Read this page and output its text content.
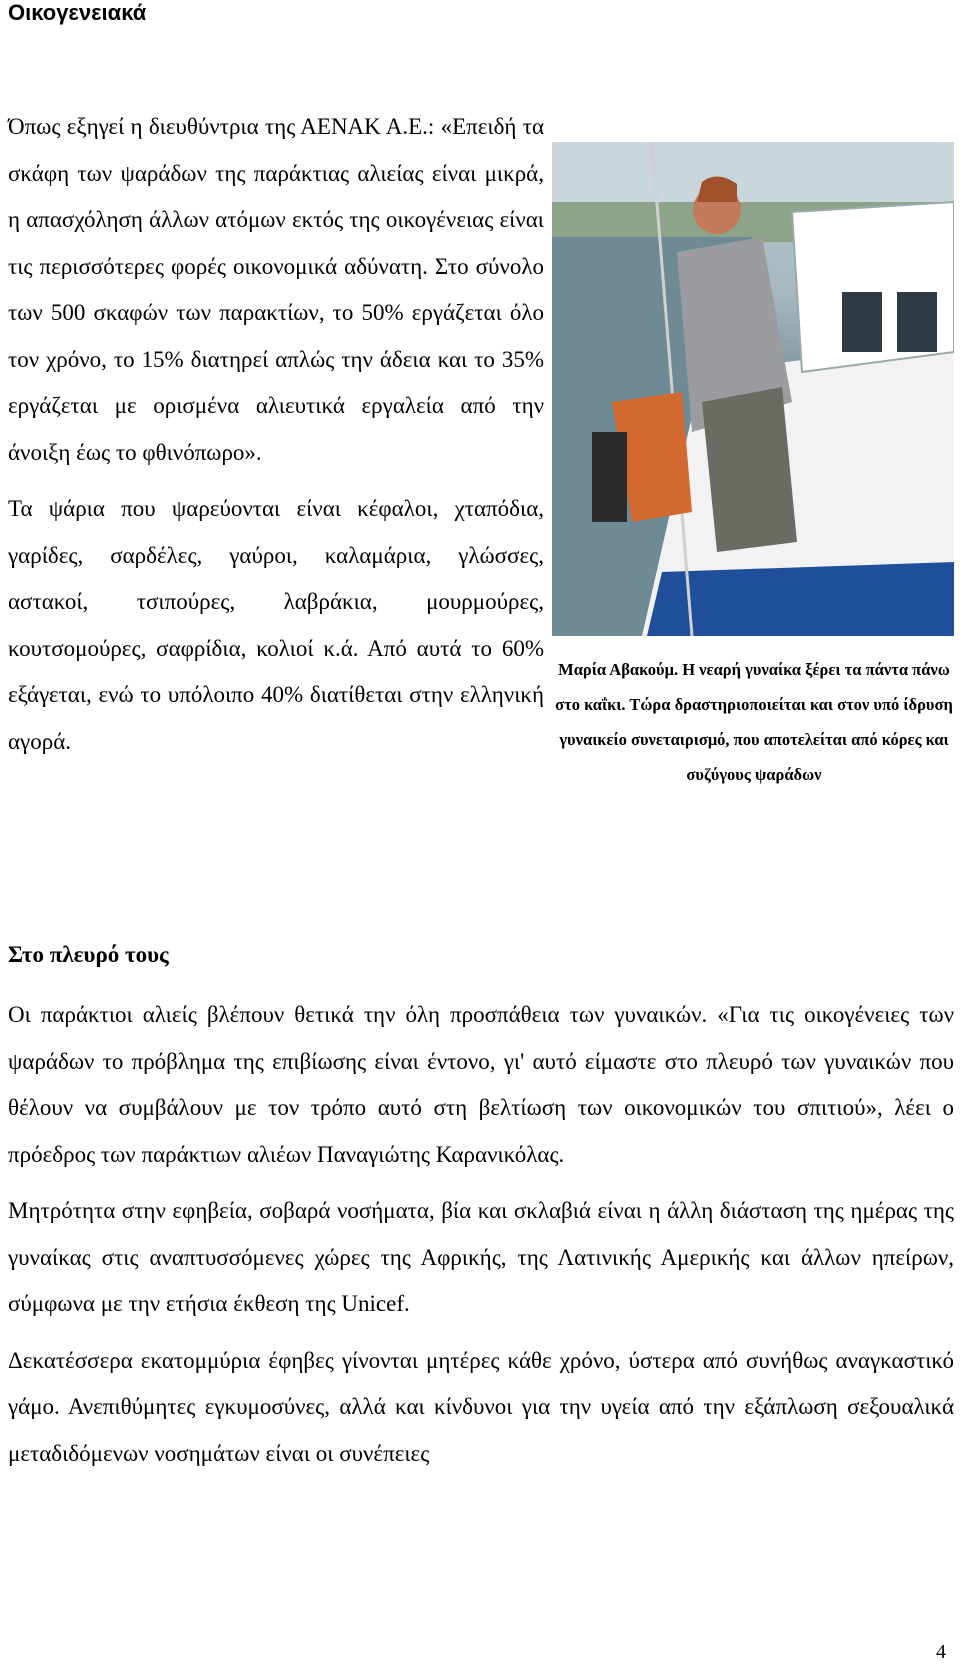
Οικογενειακά

Όπως εξηγεί η διευθύντρια της ΑΕΝΑΚ Α.Ε.: «Επειδή τα σκάφη των ψαράδων της παράκτιας αλιείας είναι μικρά, η απασχόληση άλλων ατόμων εκτός της οικογένειας είναι τις περισσότερες φορές οικονομικά αδύνατη. Στο σύνολο των 500 σκαφών των παρακτίων, το 50% εργάζεται όλο τον χρόνο, το 15% διατηρεί απλώς την άδεια και το 35% εργάζεται με ορισμένα αλιευτικά εργαλεία από την άνοιξη έως το φθινόπωρο».

Τα ψάρια που ψαρεύονται είναι κέφαλοι, χταπόδια, γαρίδες, σαρδέλες, γαύροι, καλαμάρια, γλώσσες, αστακοί, τσιπούρες, λαβράκια, μουρμούρες, κουτσομούρες, σαφρίδια, κολιοί κ.ά. Από αυτά το 60% εξάγεται, ενώ το υπόλοιπο 40% διατίθεται στην ελληνική αγορά.

Μαρία Αβακούμ. Η νεαρή γυναίκα ξέρει τα πάντα πάνω στο καΐκι. Τώρα δραστηριοποιείται και στον υπό ίδρυση γυναικείο συνεταιρισμό, που αποτελείται από κόρες και συζύγους ψαράδων
Στο πλευρό τους

Οι παράκτιοι αλιείς βλέπουν θετικά την όλη προσπάθεια των γυναικών. «Για τις οικογένειες των ψαράδων το πρόβλημα της επιβίωσης είναι έντονο, γι' αυτό είμαστε στο πλευρό των γυναικών που θέλουν να συμβάλουν με τον τρόπο αυτό στη βελτίωση των οικονομικών του σπιτιού», λέει ο πρόεδρος των παράκτιων αλιέων Παναγιώτης Καρανικόλας.

Μητρότητα στην εφηβεία, σοβαρά νοσήματα, βία και σκλαβιά είναι η άλλη διάσταση της ημέρας της γυναίκας στις αναπτυσσόμενες χώρες της Αφρικής, της Λατινικής Αμερικής και άλλων ηπείρων, σύμφωνα με την ετήσια έκθεση της Unicef.

Δεκατέσσερα εκατομμύρια έφηβες γίνονται μητέρες κάθε χρόνο, ύστερα από συνήθως αναγκαστικό γάμο. Ανεπιθύμητες εγκυμοσύνες, αλλά και κίνδυνοι για την υγεία από την εξάπλωση σεξουαλικά μεταδιδόμενων νοσημάτων είναι οι συνέπειες

4
